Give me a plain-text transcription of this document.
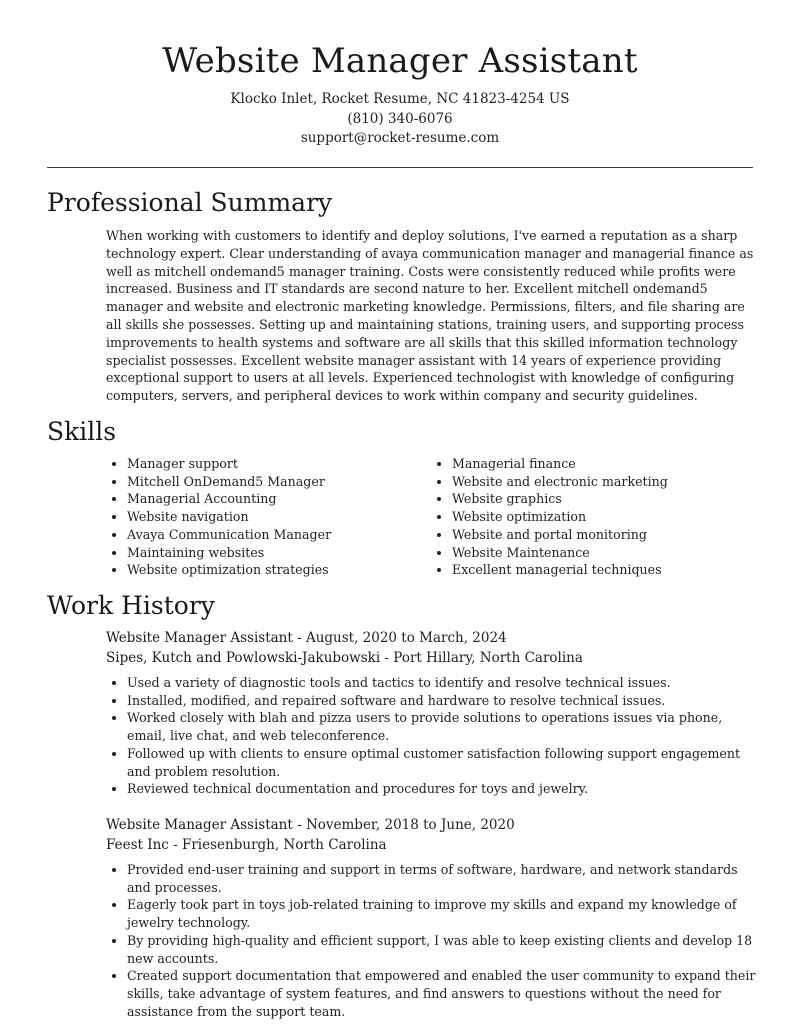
Website Manager Assistant
Klocko Inlet, Rocket Resume, NC 41823-4254 US
(810) 340-6076
support@rocket-resume.com
Professional Summary

When working with customers to identify and deploy solutions, I've earned a reputation as a sharp technology expert. Clear understanding of avaya communication manager and managerial finance as well as mitchell ondemand5 manager training. Costs were consistently reduced while profits were increased. Business and IT standards are second nature to her. Excellent mitchell ondemand5 manager and website and electronic marketing knowledge. Permissions, filters, and file sharing are all skills she possesses. Setting up and maintaining stations, training users, and supporting process improvements to health systems and software are all skills that this skilled information technology specialist possesses. Excellent website manager assistant with 14 years of experience providing exceptional support to users at all levels. Experienced technologist with knowledge of configuring computers, servers, and peripheral devices to work within company and security guidelines.

Skills
• Manager support
• Mitchell OnDemand5 Manager
• Managerial Accounting
• Website navigation
• Avaya Communication Manager
• Maintaining websites
• Website optimization strategies
• Managerial finance
• Website and electronic marketing
• Website graphics
• Website optimization
• Website and portal monitoring
• Website Maintenance
• Excellent managerial techniques
Work History
Website Manager Assistant - August, 2020 to March, 2024
Sipes, Kutch and Powlowski-Jakubowski - Port Hillary, North Carolina
• Used a variety of diagnostic tools and tactics to identify and resolve technical issues.
• Installed, modified, and repaired software and hardware to resolve technical issues.
• Worked closely with blah and pizza users to provide solutions to operations issues via phone, email, live chat, and web teleconference.
• Followed up with clients to ensure optimal customer satisfaction following support engagement and problem resolution.
• Reviewed technical documentation and procedures for toys and jewelry.
Website Manager Assistant - November, 2018 to June, 2020
Feest Inc - Friesenburgh, North Carolina
• Provided end-user training and support in terms of software, hardware, and network standards and processes.
• Eagerly took part in toys job-related training to improve my skills and expand my knowledge of jewelry technology.
• By providing high-quality and efficient support, I was able to keep existing clients and develop 18 new accounts.
• Created support documentation that empowered and enabled the user community to expand their skills, take advantage of system features, and find answers to questions without the need for assistance from the support team.
